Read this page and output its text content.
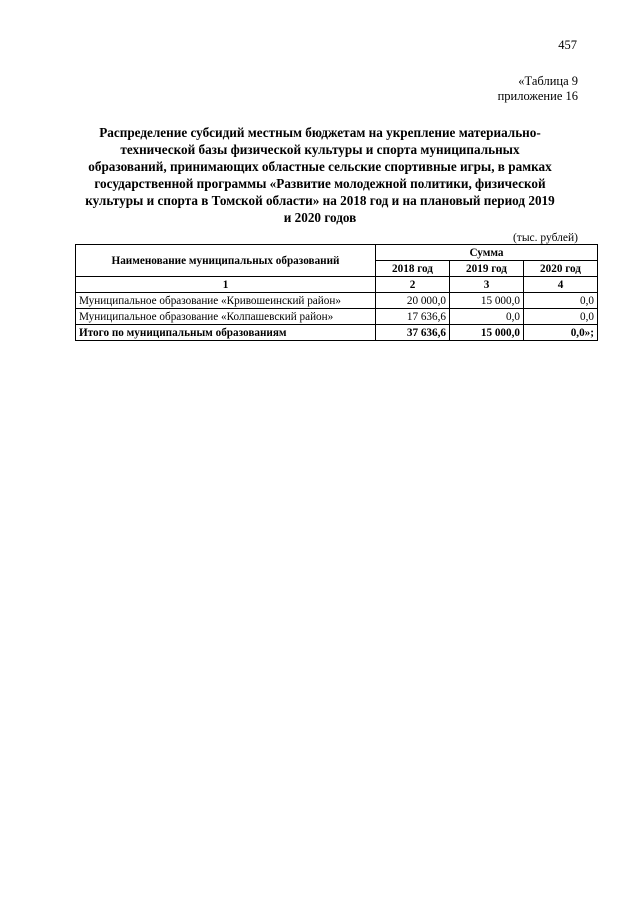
457
«Таблица 9
приложение 16
Распределение субсидий местным бюджетам на укрепление материально-
технической базы физической культуры и спорта муниципальных
образований, принимающих областные сельские спортивные игры, в рамках
государственной программы «Развитие молодежной политики, физической
культуры и спорта в Томской области» на 2018 год и на плановый период 2019
и 2020 годов
(тыс. рублей)
Наименование муниципальных образований	Сумма		
	2018 год	2019 год	2020 год
1	2	3	4
Муниципальное образование «Кривошеинский район»	20 000,0	15 000,0	0,0
Муниципальное образование «Колпашевский район»	17 636,6	0,0	0,0
Итого по муниципальным образованиям	37 636,6	15 000,0	0,0»;
